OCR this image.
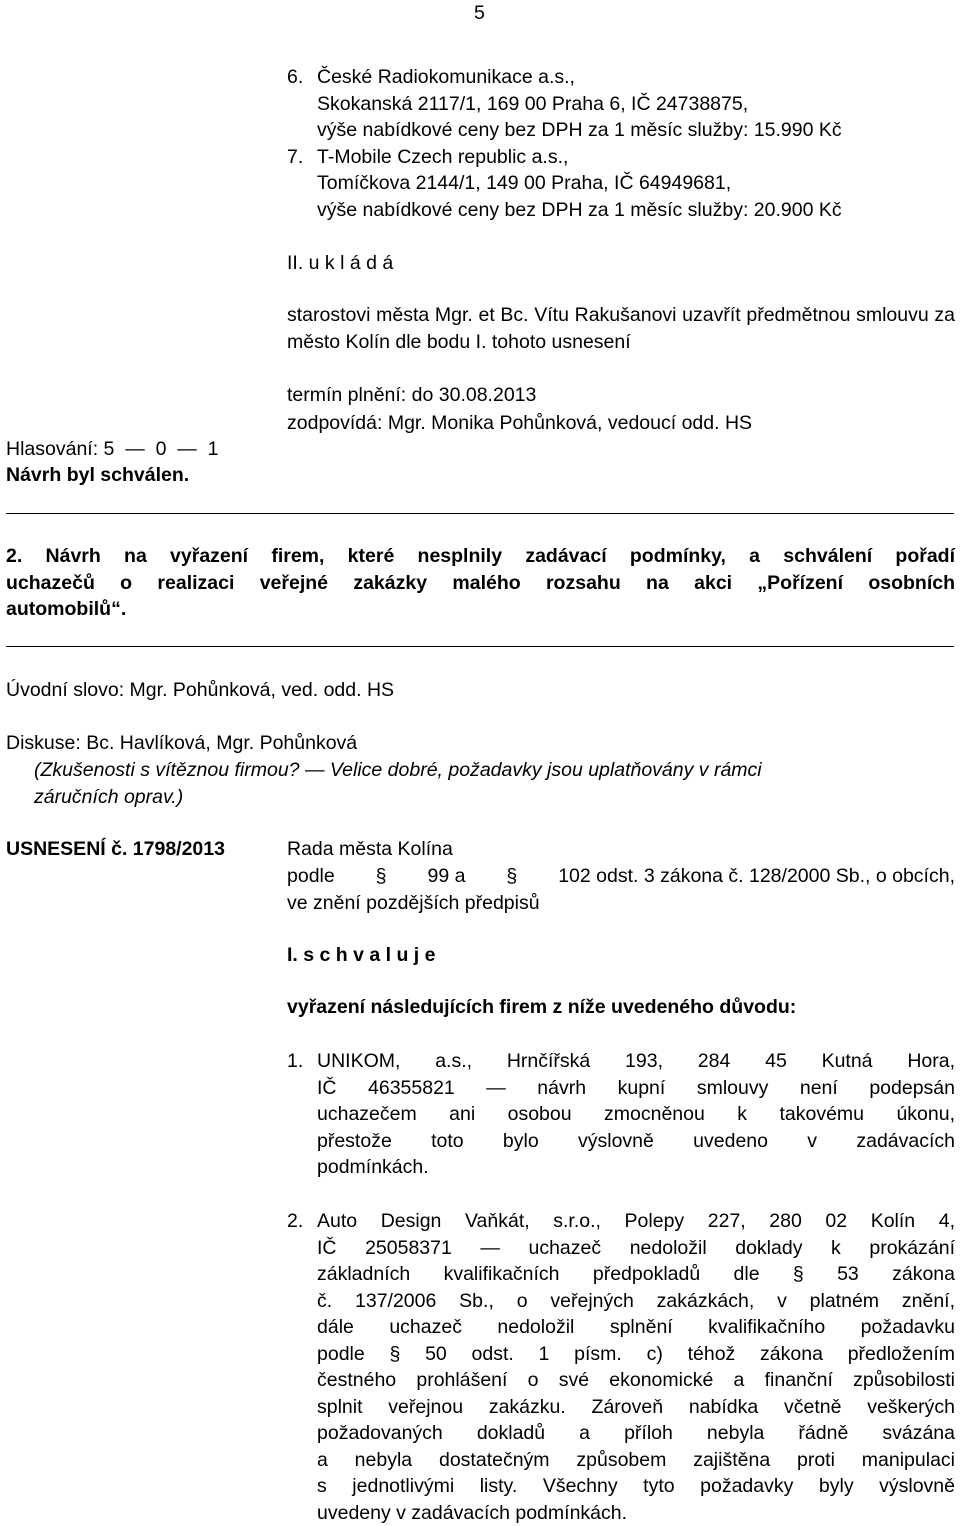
5
6. České Radiokomunikace a.s.,
Skokanská 2117/1, 169 00 Praha 6, IČ 24738875,
výše nabídkové ceny bez DPH za 1 měsíc služby: 15.990 Kč
7. T-Mobile Czech republic a.s.,
Tomíčkova 2144/1, 149 00 Praha, IČ 64949681,
výše nabídkové ceny bez DPH za 1 měsíc služby: 20.900 Kč
II. u k l á d á
starostovi města Mgr. et Bc. Vítu Rakušanovi uzavřít předmětnou smlouvu za město Kolín dle bodu I. tohoto usnesení
termín plnění: do 30.08.2013
zodpovídá: Mgr. Monika Pohůnková, vedoucí odd. HS
Hlasování: 5  —  0  —  1
Návrh byl schválen.
2. Návrh na vyřazení firem, které nesplnily zadávací podmínky, a schválení pořadí
uchazečů o realizaci veřejné zakázky malého rozsahu na akci „Pořízení osobních
automobilů“.
Úvodní slovo: Mgr. Pohůnková, ved. odd. HS
Diskuse: Bc. Havlíková, Mgr. Pohůnková
(Zkušenosti s vítěznou firmou? — Velice dobré, požadavky jsou uplatňovány v rámci
záručních oprav.)
USNESENÍ č. 1798/2013	Rada města Kolína
podle § 99 a § 102 odst. 3 zákona č. 128/2000 Sb., o obcích,
ve znění pozdějších předpisů
I. s c h v a l u j e
vyřazení následujících firem z níže uvedeného důvodu:
1. UNIKOM, a.s., Hrnčířská 193, 284 45 Kutná Hora,
IČ 46355821 — návrh kupní smlouvy není podepsán
uchazečem ani osobou zmocněnou k takovému úkonu,
přestože toto bylo výslovně uvedeno v zadávacích
podmínkách.
2. Auto Design Vaňkát, s.r.o., Polepy 227, 280 02 Kolín 4,
IČ 25058371 — uchazeč nedoložil doklady k prokázání
základních kvalifikačních předpokladů dle § 53 zákona
č. 137/2006 Sb., o veřejných zakázkách, v platném znění,
dále uchazeč nedoložil splnění kvalifikačního požadavku
podle § 50 odst. 1 písm. c) téhož zákona předložením
čestného prohlášení o své ekonomické a finanční způsobilosti
splnit veřejnou zakázku. Zároveň nabídka včetně veškerých
požadovaných dokladů a příloh nebyla řádně svázána
a nebyla dostatečným způsobem zajištěna proti manipulaci
s jednotlivými listy. Všechny tyto požadavky byly výslovně
uvedeny v zadávacích podmínkách.
